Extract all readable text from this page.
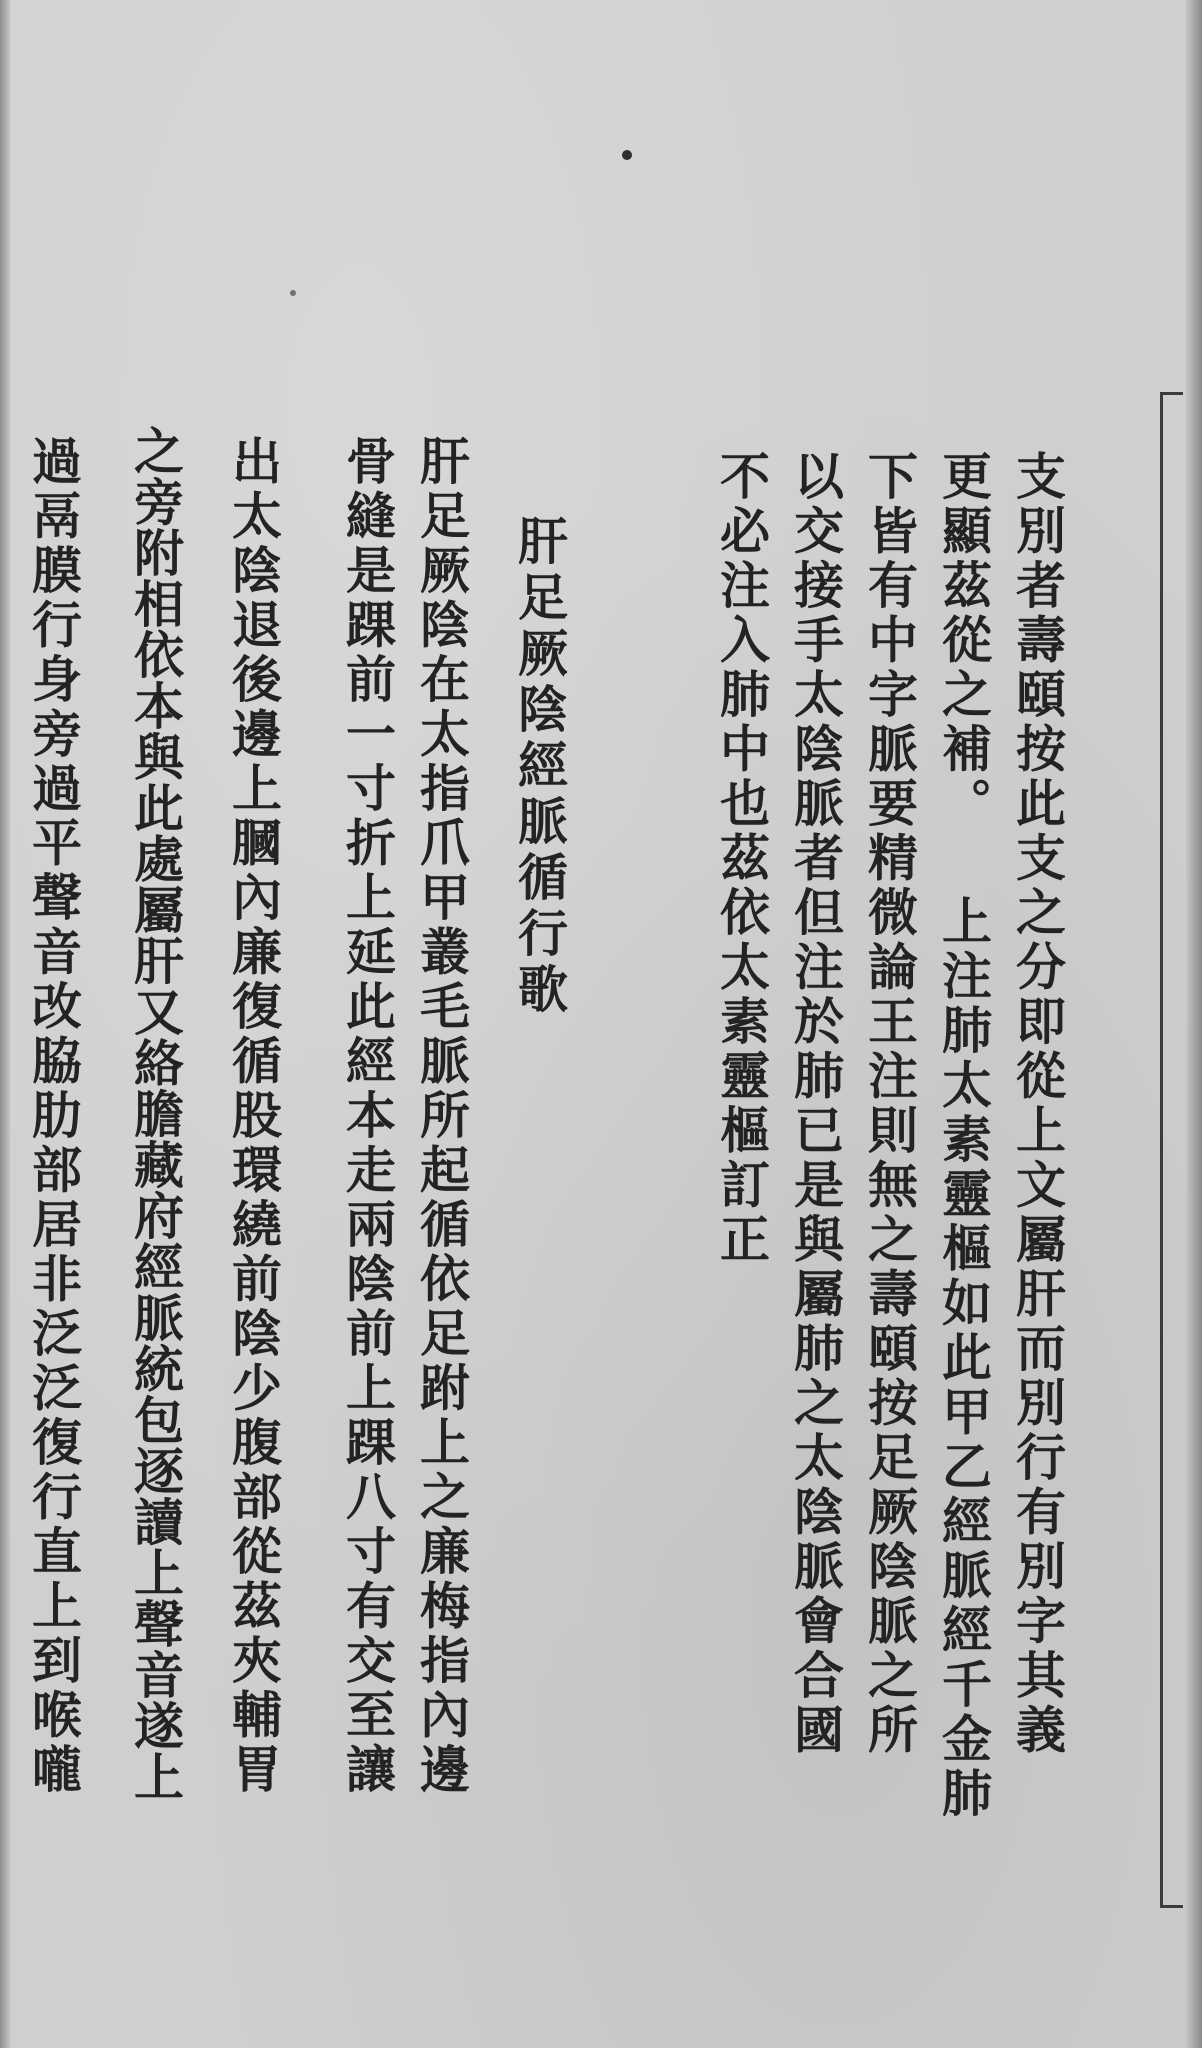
支別者壽頤按此支之分即從上文屬肝而別行有別字其義
更顯茲從之補。 上注肺太素靈樞如此甲乙經脈經千金肺
下皆有中字脈要精微論王注則無之壽頤按足厥陰脈之所
以交接手太陰脈者但注於肺已是與屬肺之太陰脈會合國
不必注入肺中也茲依太素靈樞訂正
肝足厥陰經脈循行歌
肝足厥陰在太指爪甲叢毛脈所起循依足跗上之廉梅指內邊
骨縫是踝前一寸折上延此經本走兩陰前上踝八寸有交至讓
出太陰退後邊上膕內廉復循股環繞前陰少腹部從茲夾輔胃
之旁附相依本與此處屬肝又絡膽藏府經脈統包逐讀上聲音遂上
過鬲膜行身旁過平聲音改脇肋部居非泛泛復行直上到喉嚨
